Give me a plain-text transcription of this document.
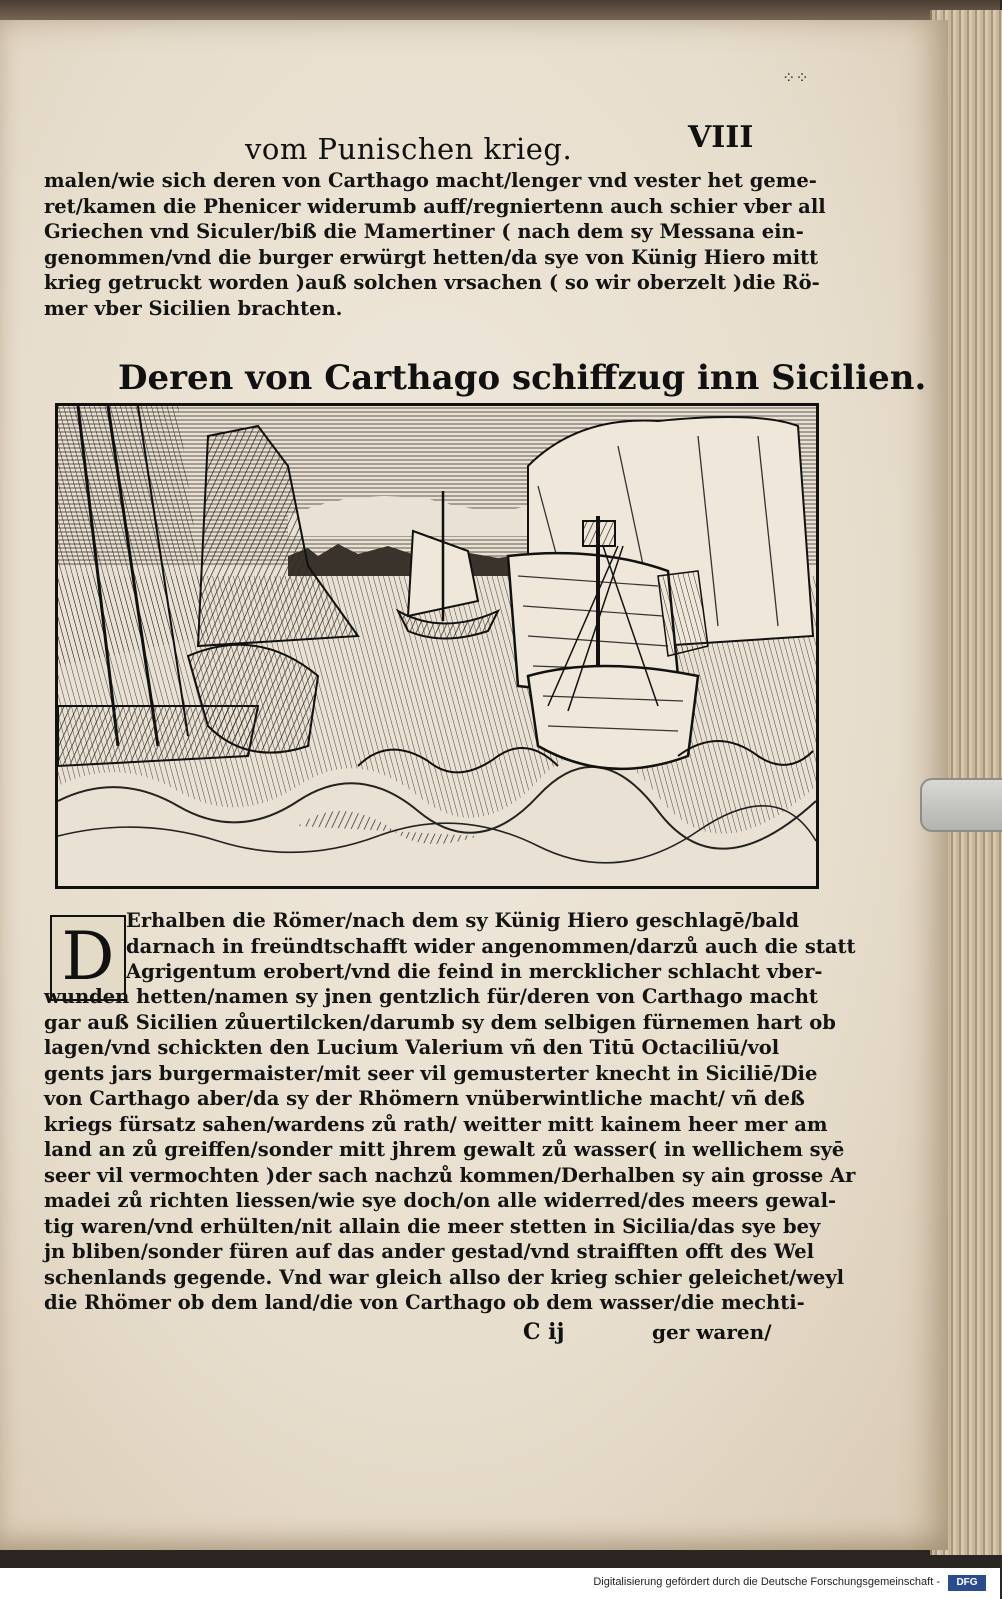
⁘⁘
vom Punischen krieg.	VIII
malen/wie sich deren von Carthago macht/lenger vnd vester het geme‑
ret/kamen die Phenicer widerumb auff/regniertenn auch schier vber all
Griechen vnd Siculer/biß die Mamertiner ( nach dem sy Messana ein‑
genommen/vnd die burger erwürgt hetten/da sye von Künig Hiero mitt
krieg getruckt worden )auß solchen vrsachen ( so wir oberzelt )die Rö‑
mer vber Sicilien brachten.
Deren von Carthago schiffzug inn Sicilien.
D Erhalben die Römer/nach dem sy Künig Hiero geschlagē/bald
darnach in freündtschafft wider angenommen/darzů auch die statt
Agrigentum erobert/vnd die feind in mercklicher schlacht vber‑
wunden hetten/namen sy jnen gentzlich für/deren von Carthago macht
gar auß Sicilien zůuertilcken/darumb sy dem selbigen fürnemen hart ob
lagen/vnd schickten den Lucium Valerium vñ den Titū Octaciliū/vol
gents jars burgermaister/mit seer vil gemusterter knecht in Siciliē/Die
von Carthago aber/da sy der Rhömern vnüberwintliche macht/ vñ deß
kriegs fürsatz sahen/wardens zů rath/ weitter mitt kainem heer mer am
land an zů greiffen/sonder mitt jhrem gewalt zů wasser( in wellichem syē
seer vil vermochten )der sach nachzů kommen/Derhalben sy ain grosse Ar
madei zů richten liessen/wie sye doch/on alle widerred/des meers gewal‑
tig waren/vnd erhülten/nit allain die meer stetten in Sicilia/das sye bey
jn bliben/sonder füren auf das ander gestad/vnd straifften offt des Wel
schenlands gegende. Vnd war gleich allso der krieg schier geleichet/weyl
die Rhömer ob dem land/die von Carthago ob dem wasser/die mechti‑
C ij	ger waren/
Digitalisierung gefördert durch die Deutsche Forschungsgemeinschaft -	DFG
